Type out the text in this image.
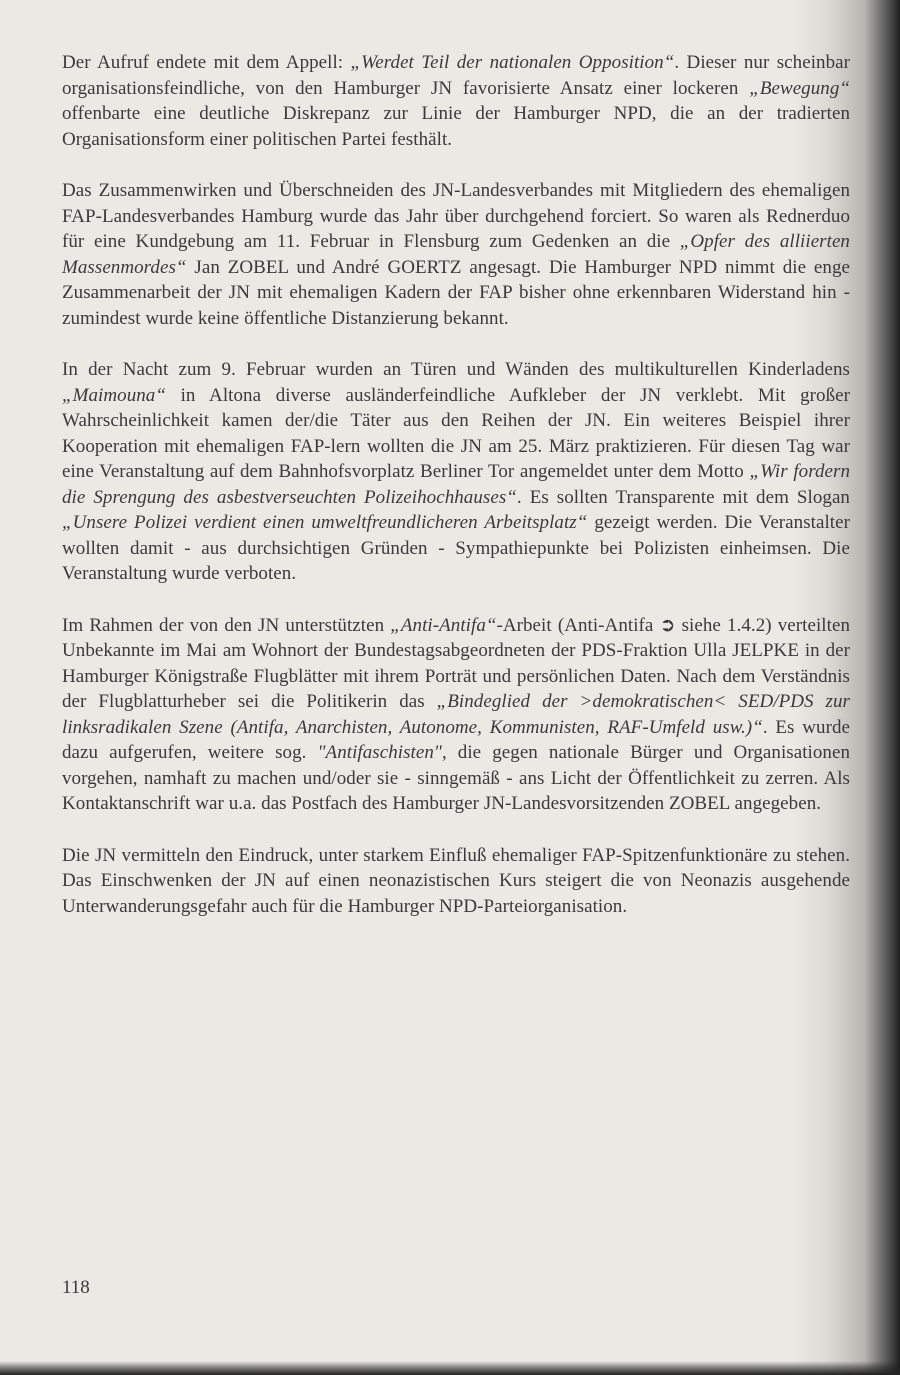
Der Aufruf endete mit dem Appell: „Werdet Teil der nationalen Opposition“. Dieser nur scheinbar organisationsfeindliche, von den Hamburger JN favorisierte Ansatz einer lockeren „Bewegung“ offenbarte eine deutliche Diskrepanz zur Linie der Hamburger NPD, die an der tradierten Organisationsform einer politischen Partei festhält.

Das Zusammenwirken und Überschneiden des JN-Landesverbandes mit Mitgliedern des ehemaligen FAP-Landesverbandes Hamburg wurde das Jahr über durchgehend forciert. So waren als Rednerduo für eine Kundgebung am 11. Februar in Flensburg zum Gedenken an die „Opfer des alliierten Massenmordes“ Jan ZOBEL und André GOERTZ angesagt. Die Hamburger NPD nimmt die enge Zusammenarbeit der JN mit ehemaligen Kadern der FAP bisher ohne erkennbaren Widerstand hin - zumindest wurde keine öffentliche Distanzierung bekannt.

In der Nacht zum 9. Februar wurden an Türen und Wänden des multikulturellen Kinderladens „Maimouna“ in Altona diverse ausländerfeindliche Aufkleber der JN verklebt. Mit großer Wahrscheinlichkeit kamen der/die Täter aus den Reihen der JN. Ein weiteres Beispiel ihrer Kooperation mit ehemaligen FAP-lern wollten die JN am 25. März praktizieren. Für diesen Tag war eine Veranstaltung auf dem Bahnhofsvorplatz Berliner Tor angemeldet unter dem Motto „Wir fordern die Sprengung des asbestverseuchten Polizeihochhauses“. Es sollten Transparente mit dem Slogan „Unsere Polizei verdient einen umweltfreundlicheren Arbeitsplatz“ gezeigt werden. Die Veranstalter wollten damit - aus durchsichtigen Gründen - Sympathiepunkte bei Polizisten einheimsen. Die Veranstaltung wurde verboten.

Im Rahmen der von den JN unterstützten „Anti-Antifa“-Arbeit (Anti-Antifa ➲ siehe 1.4.2) verteilten Unbekannte im Mai am Wohnort der Bundestagsabgeordneten der PDS-Fraktion Ulla JELPKE in der Hamburger Königstraße Flugblätter mit ihrem Porträt und persönlichen Daten. Nach dem Verständnis der Flugblatturheber sei die Politikerin das „Bindeglied der >demokratischen< SED/PDS zur linksradikalen Szene (Antifa, Anarchisten, Autonome, Kommunisten, RAF-Umfeld usw.)“. Es wurde dazu aufgerufen, weitere sog. "Antifaschisten", die gegen nationale Bürger und Organisationen vorgehen, namhaft zu machen und/oder sie - sinngemäß - ans Licht der Öffentlichkeit zu zerren. Als Kontaktanschrift war u.a. das Postfach des Hamburger JN-Landesvorsitzenden ZOBEL angegeben.

Die JN vermitteln den Eindruck, unter starkem Einfluß ehemaliger FAP-Spitzenfunktionäre zu stehen. Das Einschwenken der JN auf einen neonazistischen Kurs steigert die von Neonazis ausgehende Unterwanderungsgefahr auch für die Hamburger NPD-Parteiorganisation.

118
